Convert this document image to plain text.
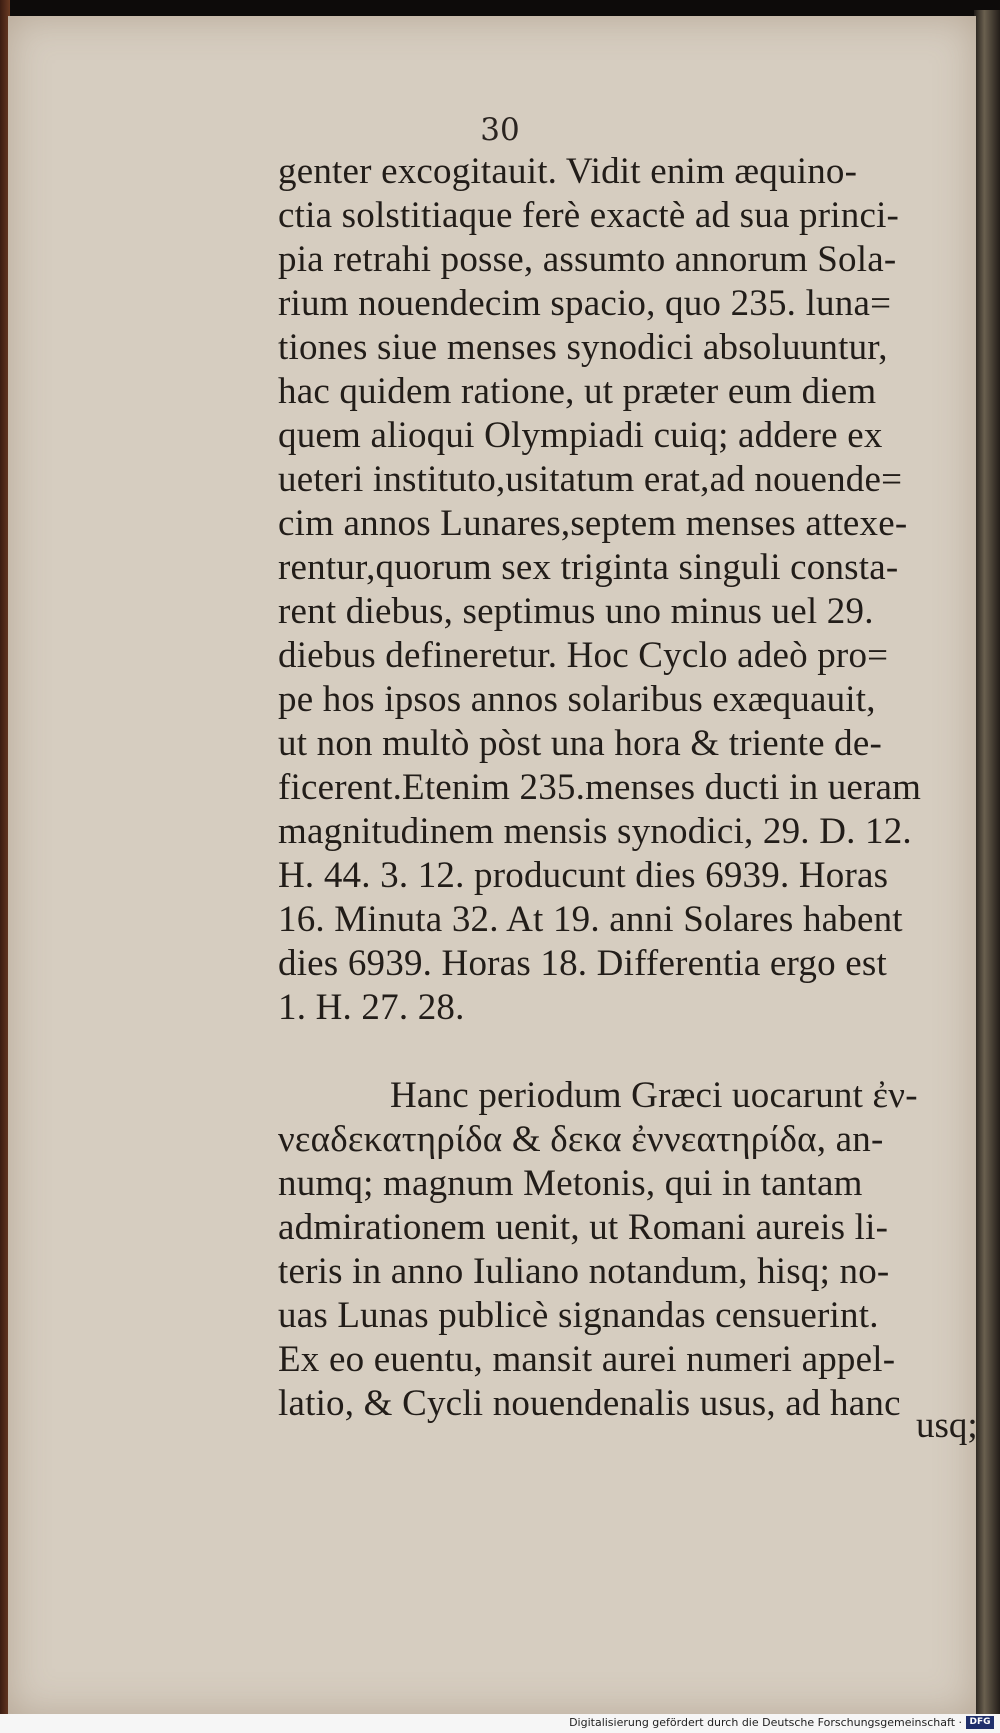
30
genter excogitauit. Vidit enim æquino-
ctia solstitiaque ferè exactè ad sua princi-
pia retrahi posse, assumto annorum Sola-
rium nouendecim spacio, quo 235. luna=
tiones siue menses synodici absoluuntur,
hac quidem ratione, ut præter eum diem
quem alioqui Olympiadi cuiq; addere ex
ueteri instituto,usitatum erat,ad nouende=
cim annos Lunares,septem menses attexe-
rentur,quorum sex triginta singuli consta-
rent diebus, septimus uno minus uel 29.
diebus defineretur. Hoc Cyclo adeò pro=
pe hos ipsos annos solaribus exæquauit,
ut non multò pòst una hora & triente de-
ficerent.Etenim 235.menses ducti in ueram
magnitudinem mensis synodici, 29. D. 12.
H. 44. 3. 12. producunt dies 6939. Horas
16. Minuta 32. At 19. anni Solares habent
dies 6939. Horas 18. Differentia ergo est
1. H. 27. 28.
Hanc periodum Græci uocarunt ἐν-
νεαδεκατηρίδα & δεκα ἐννεατηρίδα, an-
numq; magnum Metonis, qui in tantam
admirationem uenit, ut Romani aureis li-
teris in anno Iuliano notandum, hisq; no-
uas Lunas publicè signandas censuerint.
Ex eo euentu, mansit aurei numeri appel-
latio, & Cycli nouendenalis usus, ad hanc
usq;
Digitalisierung gefördert durch die Deutsche Forschungsgemeinschaft · DFG
